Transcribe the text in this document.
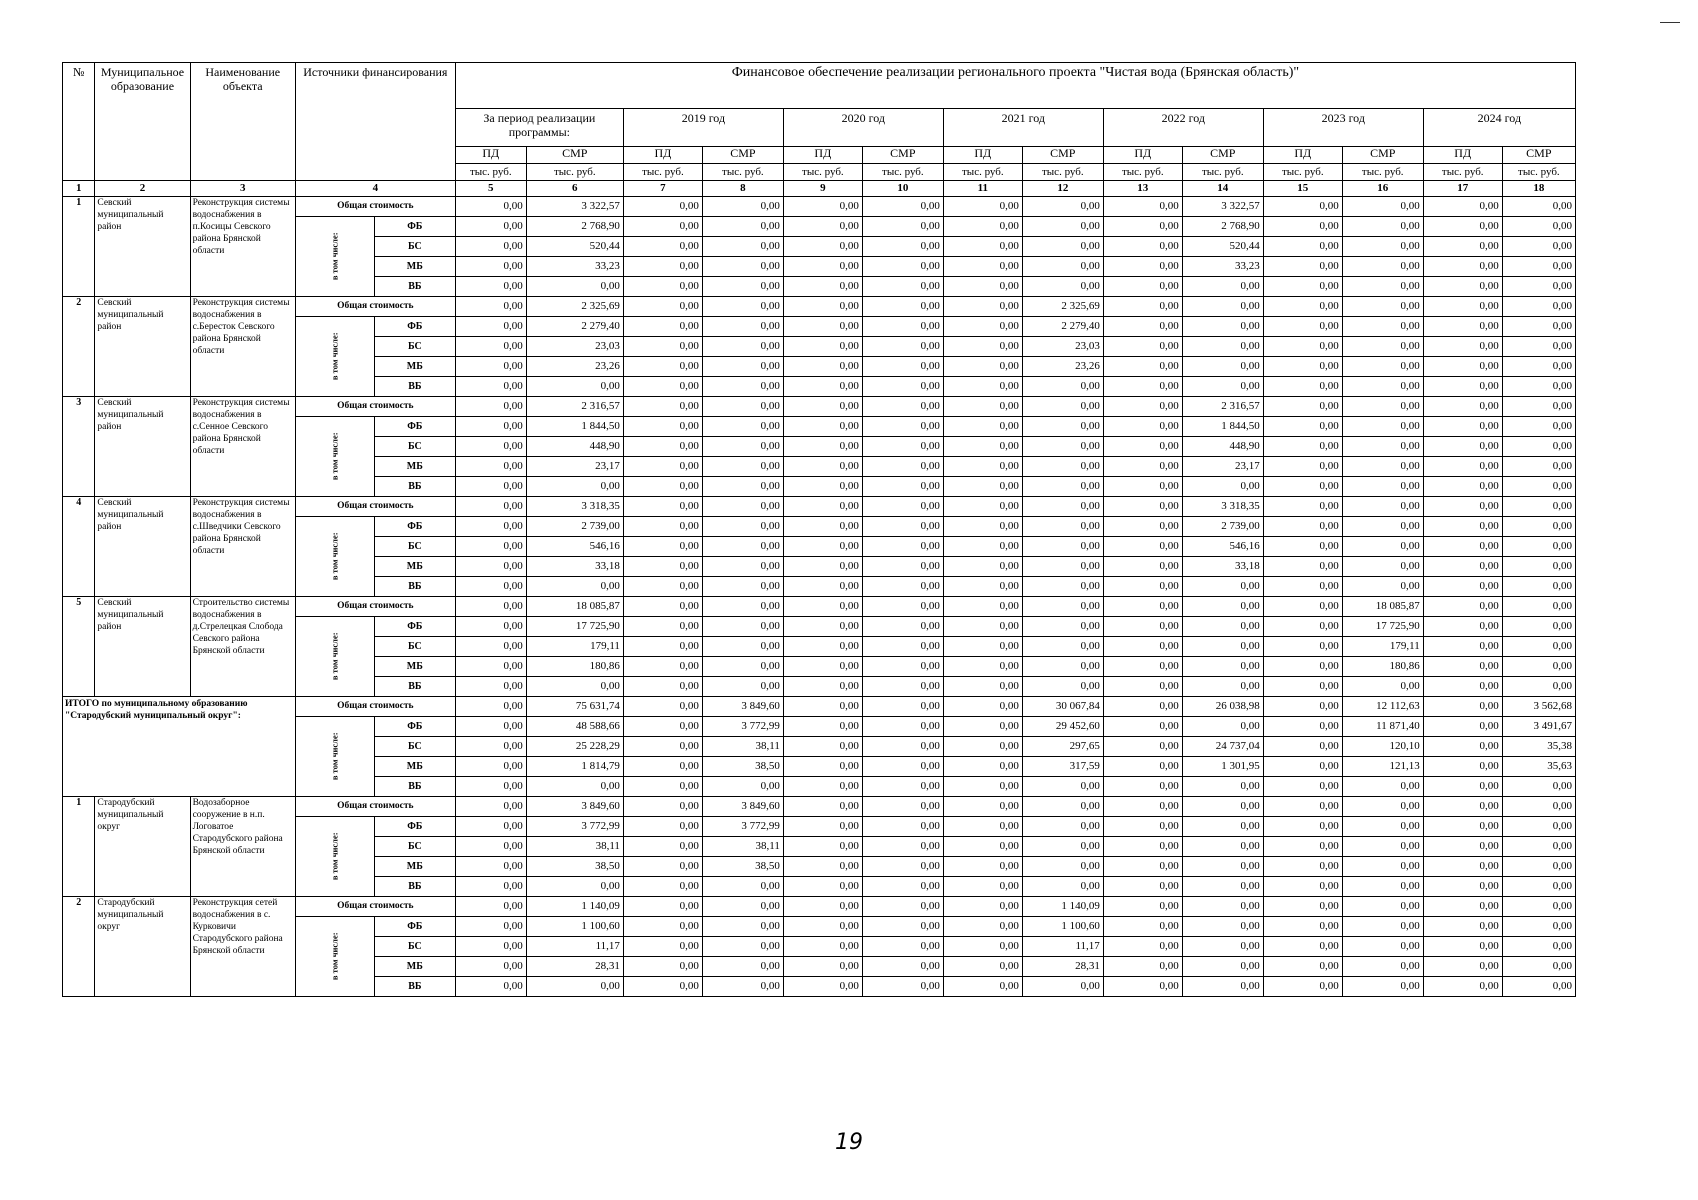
№	Муниципальное образование	Наименование объекта	Источники финансирования		Финансовое обеспечение реализации регионального проекта "Чистая вода (Брянская область)"													
					За период реализации программы:		2019 год		2020 год		2021 год		2022 год		2023 год		2024 год	
					ПД	СМР	ПД	СМР	ПД	СМР	ПД	СМР	ПД	СМР	ПД	СМР	ПД	СМР
					тыс. руб.	тыс. руб.	тыс. руб.	тыс. руб.	тыс. руб.	тыс. руб.	тыс. руб.	тыс. руб.	тыс. руб.	тыс. руб.	тыс. руб.	тыс. руб.	тыс. руб.	тыс. руб.
1	2	3	4		5	6	7	8	9	10	11	12	13	14	15	16	17	18
1	Севский муниципальный район	Реконструкция системы водоснабжения в п.Косицы Севского района Брянской области	Общая стоимость		0,00	3 322,57	0,00	0,00	0,00	0,00	0,00	0,00	0,00	3 322,57	0,00	0,00	0,00	0,00
			в том числе:	ФБ	0,00	2 768,90	0,00	0,00	0,00	0,00	0,00	0,00	0,00	2 768,90	0,00	0,00	0,00	0,00
				БС	0,00	520,44	0,00	0,00	0,00	0,00	0,00	0,00	0,00	520,44	0,00	0,00	0,00	0,00
				МБ	0,00	33,23	0,00	0,00	0,00	0,00	0,00	0,00	0,00	33,23	0,00	0,00	0,00	0,00
				ВБ	0,00	0,00	0,00	0,00	0,00	0,00	0,00	0,00	0,00	0,00	0,00	0,00	0,00	0,00
2	Севский муниципальный район	Реконструкция системы водоснабжения в с.Бересток Севского района Брянской области	Общая стоимость		0,00	2 325,69	0,00	0,00	0,00	0,00	0,00	2 325,69	0,00	0,00	0,00	0,00	0,00	0,00
			в том числе:	ФБ	0,00	2 279,40	0,00	0,00	0,00	0,00	0,00	2 279,40	0,00	0,00	0,00	0,00	0,00	0,00
				БС	0,00	23,03	0,00	0,00	0,00	0,00	0,00	23,03	0,00	0,00	0,00	0,00	0,00	0,00
				МБ	0,00	23,26	0,00	0,00	0,00	0,00	0,00	23,26	0,00	0,00	0,00	0,00	0,00	0,00
				ВБ	0,00	0,00	0,00	0,00	0,00	0,00	0,00	0,00	0,00	0,00	0,00	0,00	0,00	0,00
3	Севский муниципальный район	Реконструкция системы водоснабжения в с.Сенное Севского района Брянской области	Общая стоимость		0,00	2 316,57	0,00	0,00	0,00	0,00	0,00	0,00	0,00	2 316,57	0,00	0,00	0,00	0,00
			в том числе:	ФБ	0,00	1 844,50	0,00	0,00	0,00	0,00	0,00	0,00	0,00	1 844,50	0,00	0,00	0,00	0,00
				БС	0,00	448,90	0,00	0,00	0,00	0,00	0,00	0,00	0,00	448,90	0,00	0,00	0,00	0,00
				МБ	0,00	23,17	0,00	0,00	0,00	0,00	0,00	0,00	0,00	23,17	0,00	0,00	0,00	0,00
				ВБ	0,00	0,00	0,00	0,00	0,00	0,00	0,00	0,00	0,00	0,00	0,00	0,00	0,00	0,00
4	Севский муниципальный район	Реконструкция системы водоснабжения в с.Шведчики Севского района Брянской области	Общая стоимость		0,00	3 318,35	0,00	0,00	0,00	0,00	0,00	0,00	0,00	3 318,35	0,00	0,00	0,00	0,00
			в том числе:	ФБ	0,00	2 739,00	0,00	0,00	0,00	0,00	0,00	0,00	0,00	2 739,00	0,00	0,00	0,00	0,00
				БС	0,00	546,16	0,00	0,00	0,00	0,00	0,00	0,00	0,00	546,16	0,00	0,00	0,00	0,00
				МБ	0,00	33,18	0,00	0,00	0,00	0,00	0,00	0,00	0,00	33,18	0,00	0,00	0,00	0,00
				ВБ	0,00	0,00	0,00	0,00	0,00	0,00	0,00	0,00	0,00	0,00	0,00	0,00	0,00	0,00
5	Севский муниципальный район	Строительство системы водоснабжения в д.Стрелецкая Слобода Севского района Брянской области	Общая стоимость		0,00	18 085,87	0,00	0,00	0,00	0,00	0,00	0,00	0,00	0,00	0,00	18 085,87	0,00	0,00
			в том числе:	ФБ	0,00	17 725,90	0,00	0,00	0,00	0,00	0,00	0,00	0,00	0,00	0,00	17 725,90	0,00	0,00
				БС	0,00	179,11	0,00	0,00	0,00	0,00	0,00	0,00	0,00	0,00	0,00	179,11	0,00	0,00
				МБ	0,00	180,86	0,00	0,00	0,00	0,00	0,00	0,00	0,00	0,00	0,00	180,86	0,00	0,00
				ВБ	0,00	0,00	0,00	0,00	0,00	0,00	0,00	0,00	0,00	0,00	0,00	0,00	0,00	0,00
ИТОГО по муниципальному образованию "Стародубский муниципальный округ":			Общая стоимость		0,00	75 631,74	0,00	3 849,60	0,00	0,00	0,00	30 067,84	0,00	26 038,98	0,00	12 112,63	0,00	3 562,68
			в том числе:	ФБ	0,00	48 588,66	0,00	3 772,99	0,00	0,00	0,00	29 452,60	0,00	0,00	0,00	11 871,40	0,00	3 491,67
				БС	0,00	25 228,29	0,00	38,11	0,00	0,00	0,00	297,65	0,00	24 737,04	0,00	120,10	0,00	35,38
				МБ	0,00	1 814,79	0,00	38,50	0,00	0,00	0,00	317,59	0,00	1 301,95	0,00	121,13	0,00	35,63
				ВБ	0,00	0,00	0,00	0,00	0,00	0,00	0,00	0,00	0,00	0,00	0,00	0,00	0,00	0,00
1	Стародубский муниципальный округ	Водозаборное сооружение в н.п. Логоватое Стародубского района Брянской области	Общая стоимость		0,00	3 849,60	0,00	3 849,60	0,00	0,00	0,00	0,00	0,00	0,00	0,00	0,00	0,00	0,00
			в том числе:	ФБ	0,00	3 772,99	0,00	3 772,99	0,00	0,00	0,00	0,00	0,00	0,00	0,00	0,00	0,00	0,00
				БС	0,00	38,11	0,00	38,11	0,00	0,00	0,00	0,00	0,00	0,00	0,00	0,00	0,00	0,00
				МБ	0,00	38,50	0,00	38,50	0,00	0,00	0,00	0,00	0,00	0,00	0,00	0,00	0,00	0,00
				ВБ	0,00	0,00	0,00	0,00	0,00	0,00	0,00	0,00	0,00	0,00	0,00	0,00	0,00	0,00
2	Стародубский муниципальный округ	Реконструкция сетей водоснабжения в с. Курковичи Стародубского района Брянской области	Общая стоимость		0,00	1 140,09	0,00	0,00	0,00	0,00	0,00	1 140,09	0,00	0,00	0,00	0,00	0,00	0,00
			в том числе:	ФБ	0,00	1 100,60	0,00	0,00	0,00	0,00	0,00	1 100,60	0,00	0,00	0,00	0,00	0,00	0,00
				БС	0,00	11,17	0,00	0,00	0,00	0,00	0,00	11,17	0,00	0,00	0,00	0,00	0,00	0,00
				МБ	0,00	28,31	0,00	0,00	0,00	0,00	0,00	28,31	0,00	0,00	0,00	0,00	0,00	0,00
				ВБ	0,00	0,00	0,00	0,00	0,00	0,00	0,00	0,00	0,00	0,00	0,00	0,00	0,00	0,00
19
